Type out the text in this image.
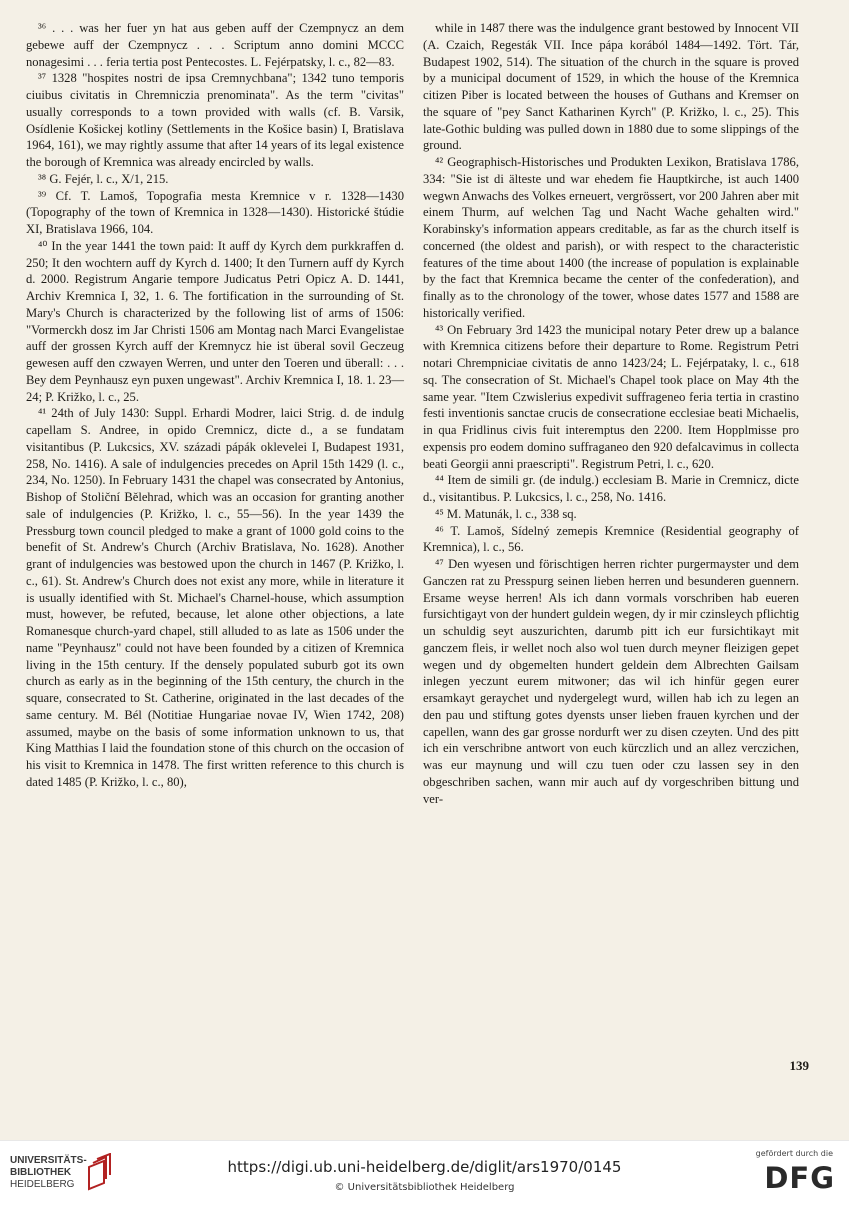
³⁶ . . . was her fuer yn hat aus geben auff der Czempnycz an dem gebewe auff der Czempnycz . . . Scriptum anno domini MCCC nonagesimi . . . feria tertia post Pentecostes. L. Fejérpatsky, l. c., 82—83.

³⁷ 1328 "hospites nostri de ipsa Cremnychbana"; 1342 tuno temporis ciuibus civitatis in Chremniczia prenominata". As the term "civitas" usually corresponds to a town provided with walls (cf. B. Varsik, Osídlenie Košickej kotliny (Settlements in the Košice basin) I, Bratislava 1964, 161), we may rightly assume that after 14 years of its legal existence the borough of Kremnica was already encircled by walls.

³⁸ G. Fejér, l. c., X/1, 215.

³⁹ Cf. T. Lamoš, Topografia mesta Kremnice v r. 1328—1430 (Topography of the town of Kremnica in 1328—1430). Historické štúdie XI, Bratislava 1966, 104.

⁴⁰ In the year 1441 the town paid: It auff dy Kyrch dem purkkraffen d. 250; It den wochtern auff dy Kyrch d. 1400; It den Turnern auff dy Kyrch d. 2000. Registrum Angarie tempore Judicatus Petri Opicz A. D. 1441, Archiv Kremnica I, 32, 1. 6. The fortification in the surrounding of St. Mary's Church is characterized by the following list of arms of 1506: "Vormerckh dosz im Jar Christi 1506 am Montag nach Marci Evangelistae auff der grossen Kyrch auff der Kremnycz hie ist überal sovil Geczeug gewesen auff den czwayen Werren, und unter den Toeren und überall: . . . Bey dem Peynhausz eyn puxen ungewast". Archiv Kremnica I, 18. 1. 23—24; P. Križko, l. c., 25.

⁴¹ 24th of July 1430: Suppl. Erhardi Modrer, laici Strig. d. de indulg capellam S. Andree, in opido Cremnicz, dicte d., a se fundatam visitantibus (P. Lukcsics, XV. századi pápák oklevelei I, Budapest 1931, 258, No. 1416). A sale of indulgencies precedes on April 15th 1429 (l. c., 234, No. 1250). In February 1431 the chapel was consecrated by Antonius, Bishop of Stoliční Bělehrad, which was an occasion for granting another sale of indulgencies (P. Križko, l. c., 55—56). In the year 1439 the Pressburg town council pledged to make a grant of 1000 gold coins to the benefit of St. Andrew's Church (Archiv Bratislava, No. 1628). Another grant of indulgencies was bestowed upon the church in 1467 (P. Križko, l. c., 61). St. Andrew's Church does not exist any more, while in literature it is usually identified with St. Michael's Charnel-house, which assumption must, however, be refuted, because, let alone other objections, a late Romanesque church-yard chapel, still alluded to as late as 1506 under the name "Peynhausz" could not have been founded by a citizen of Kremnica living in the 15th century. If the densely populated suburb got its own church as early as in the beginning of the 15th century, the church in the square, consecrated to St. Catherine, originated in the last decades of the same century. M. Bél (Notitiae Hungariae novae IV, Wien 1742, 208) assumed, maybe on the basis of some information unknown to us, that King Matthias I laid the foundation stone of this church on the occasion of his visit to Kremnica in 1478. The first written reference to this church is dated 1485 (P. Križko, l. c., 80),

while in 1487 there was the indulgence grant bestowed by Innocent VII (A. Czaich, Regesták VII. Ince pápa korából 1484—1492. Tört. Tár, Budapest 1902, 514). The situation of the church in the square is proved by a municipal document of 1529, in which the house of the Kremnica citizen Piber is located between the houses of Guthans and Kremser on the square of "pey Sanct Katharinen Kyrch" (P. Križko, l. c., 25). This late-Gothic bulding was pulled down in 1880 due to some slippings of the ground.

⁴² Geographisch-Historisches und Produkten Lexikon, Bratislava 1786, 334: "Sie ist di älteste und war ehedem fie Hauptkirche, ist auch 1400 wegwn Anwachs des Volkes erneuert, vergrössert, vor 200 Jahren aber mit einem Thurm, auf welchen Tag und Nacht Wache gehalten wird." Korabinsky's information appears creditable, as far as the church itself is concerned (the oldest and parish), or with respect to the characteristic features of the time about 1400 (the increase of population is explainable by the fact that Kremnica became the center of the confederation), and finally as to the chronology of the tower, whose dates 1577 and 1588 are historically verified.

⁴³ On February 3rd 1423 the municipal notary Peter drew up a balance with Kremnica citizens before their departure to Rome. Registrum Petri notari Chrempniciae civitatis de anno 1423/24; L. Fejérpataky, l. c., 618 sq. The consecration of St. Michael's Chapel took place on May 4th the same year. "Item Czwislerius expedivit suffrageneo feria tertia in crastino festi inventionis sanctae crucis de consecratione ecclesiae beati Michaelis, in qua Fridlinus civis fuit interemptus den 2200. Item Hopplmisse pro expensis pro eodem domino suffraganeo den 920 defalcavimus in collecta beati Georgii anni praescripti". Registrum Petri, l. c., 620.

⁴⁴ Item de simili gr. (de indulg.) ecclesiam B. Marie in Cremnicz, dicte d., visitantibus. P. Lukcsics, l. c., 258, No. 1416.

⁴⁵ M. Matunák, l. c., 338 sq.

⁴⁶ T. Lamoš, Sídelný zemepis Kremnice (Residential geography of Kremnica), l. c., 56.

⁴⁷ Den wyesen und förischtigen herren richter purgermayster und dem Ganczen rat zu Presspurg seinen lieben herren und besunderen guennern. Ersame weyse herren! Als ich dann vormals vorschriben hab eueren fursichtigayt von der hundert guldein wegen, dy ir mir czinsleych pflichtig un schuldig seyt auszurichten, darumb pitt ich eur fursichtikayt mit ganczem fleis, ir wellet noch also wol tuen durch meyner fleizigen gepet wegen und dy obgemelten hundert geldein dem Albrechten Gailsam inlegen yeczunt eurem mitwoner; das wil ich hinfür gegen eurer ersamkayt geraychet und nydergelegt wurd, willen hab ich zu legen an den pau und stiftung gotes dyensts unser lieben frauen kyrchen und der capellen, wann des gar grosse nordurft wer zu disen czeyten. Und des pitt ich ein verschribne antwort von euch kürczlich und an allez verczichen, was eur maynung und will czu tuen oder czu lassen sey in den obgeschriben sachen, wann mir auch auf dy vorgeschriben bittung und ver-

139
UNIVERSITÄTS-
BIBLIOTHEK
HEIDELBERG
https://digi.ub.uni-heidelberg.de/diglit/ars1970/0145
© Universitätsbibliothek Heidelberg
gefördert durch die
DFG
